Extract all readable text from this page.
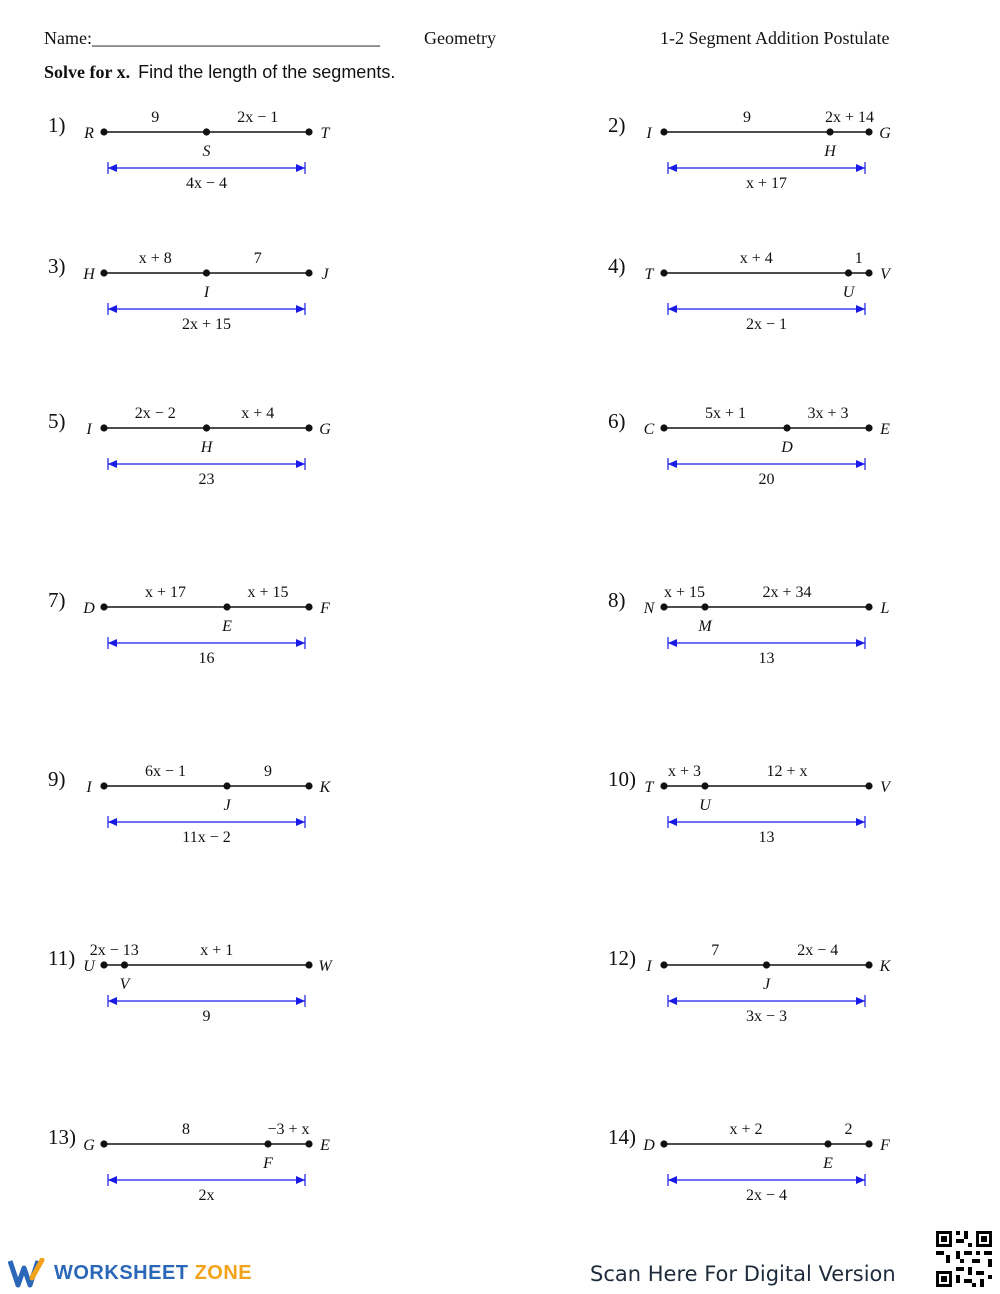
Name:________________________________ Geometry	1-2 Segment Addition Postulate
Solve for x. Find the length of the segments.
1) R
S
T
9	2x − 1
4x − 4
2) I
H
G
9	2x + 14
x + 17
3) H
I
J
x + 8	7
2x + 15
4) T
U
V
x + 4	1
2x − 1
5) I
H
G
2x − 2	x + 4
23
6) C
D
E
5x + 1	3x + 3
20
7) D
E
F
x + 17	x + 15
16
8) N
M
L
x + 15	2x + 34
13
9) I
J
K
6x − 1	9
11x − 2
10) T
U
V
x + 3	12 + x
13
11) U
V
W
2x − 13	x + 1
9
12) I
J
K
7	2x − 4
3x − 3
13) G
F
E
8	−3 + x
2x
14) D
E
F
x + 2	2
2x − 4
WORKSHEET ZONE	Scan Here For Digital Version
